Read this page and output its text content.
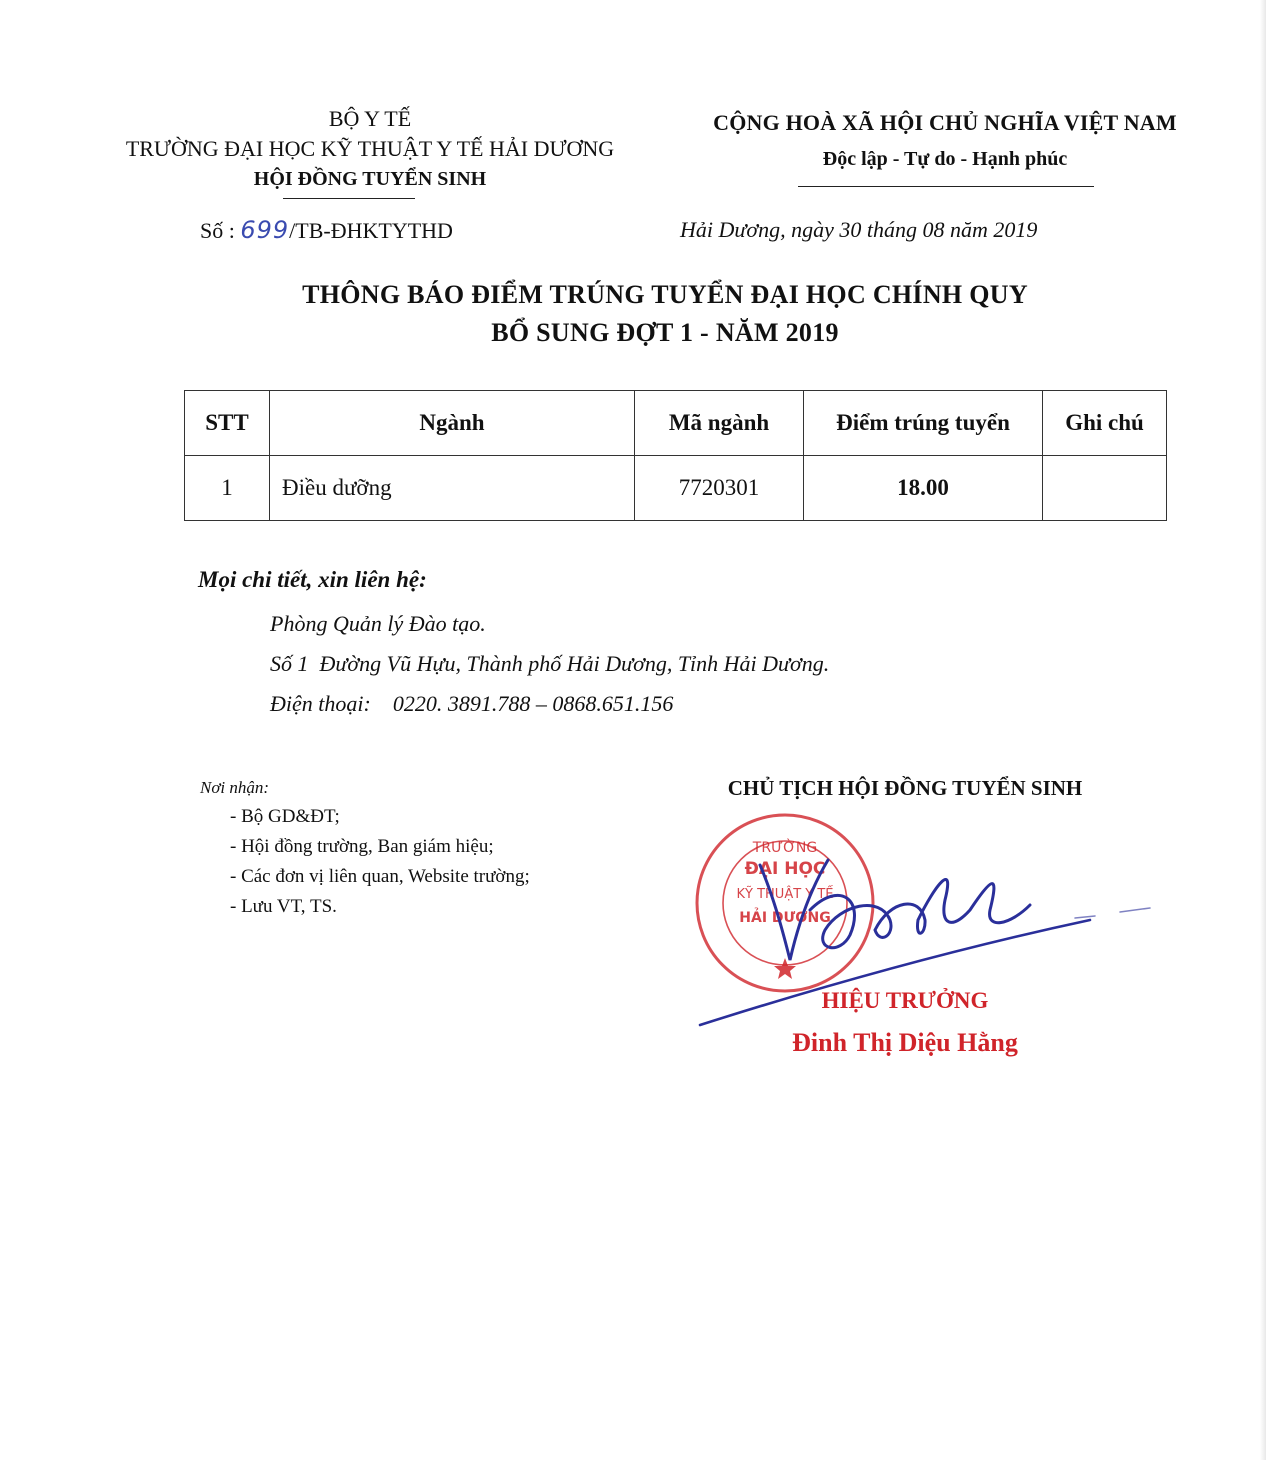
BỘ Y TẾ
TRƯỜNG ĐẠI HỌC KỸ THUẬT Y TẾ HẢI DƯƠNG
HỘI ĐỒNG TUYỂN SINH
CỘNG HOÀ XÃ HỘI CHỦ NGHĨA VIỆT NAM
Độc lập - Tự do - Hạnh phúc
Số : 699/TB-ĐHKTYTHD	Hải Dương, ngày 30 tháng 08 năm 2019
THÔNG BÁO ĐIỂM TRÚNG TUYỂN ĐẠI HỌC CHÍNH QUY
BỔ SUNG ĐỢT 1 - NĂM 2019
STT	Ngành	Mã ngành	Điểm trúng tuyển	Ghi chú
1	Điều dưỡng	7720301	18.00	
Mọi chi tiết, xin liên hệ:
Phòng Quản lý Đào tạo.
Số 1  Đường Vũ Hựu, Thành phố Hải Dương, Tỉnh Hải Dương.
Điện thoại:    0220. 3891.788 – 0868.651.156
Nơi nhận:
- Bộ GD&ĐT;
- Hội đồng trường, Ban giám hiệu;
- Các đơn vị liên quan, Website trường;
- Lưu VT, TS.
CHỦ TỊCH HỘI ĐỒNG TUYỂN SINH
TRƯỜNG
ĐẠI HỌC
KỸ THUẬT Y TẾ
HẢI DƯƠNG
HIỆU TRƯỞNG
Đinh Thị Diệu Hằng
